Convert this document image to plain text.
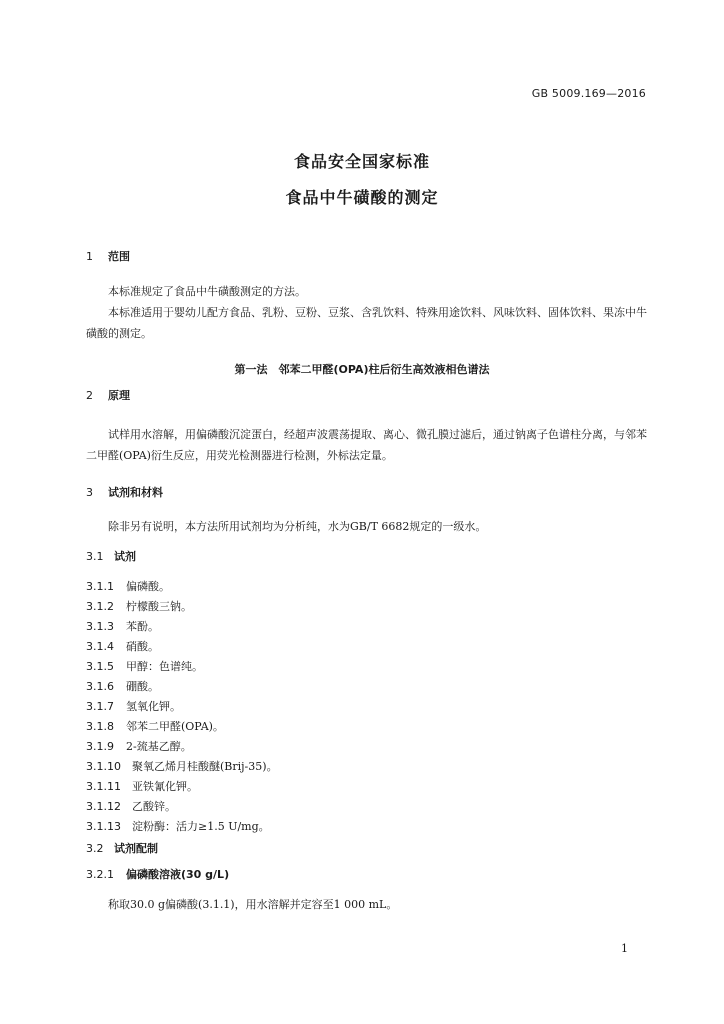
GB 5009.169—2016
食品安全国家标准
食品中牛磺酸的测定
1 范围
本标准规定了食品中牛磺酸测定的方法。
本标准适用于婴幼儿配方食品、乳粉、豆粉、豆浆、含乳饮料、特殊用途饮料、风味饮料、固体饮料、果冻中牛磺酸的测定。
第一法　邻苯二甲醛(OPA)柱后衍生高效液相色谱法
2 原理
试样用水溶解，用偏磷酸沉淀蛋白，经超声波震荡提取、离心、微孔膜过滤后，通过钠离子色谱柱分离，与邻苯二甲醛(OPA)衍生反应，用荧光检测器进行检测，外标法定量。
3 试剂和材料
除非另有说明，本方法所用试剂均为分析纯，水为GB/T 6682规定的一级水。
3.1 试剂
3.1.1 偏磷酸。
3.1.2 柠檬酸三钠。
3.1.3 苯酚。
3.1.4 硝酸。
3.1.5 甲醇：色谱纯。
3.1.6 硼酸。
3.1.7 氢氧化钾。
3.1.8 邻苯二甲醛(OPA)。
3.1.9 2-巯基乙醇。
3.1.10 聚氧乙烯月桂酸醚(Brij-35)。
3.1.11 亚铁氰化钾。
3.1.12 乙酸锌。
3.1.13 淀粉酶：活力≥1.5 U/mg。
3.2 试剂配制
3.2.1 偏磷酸溶液(30 g/L)
称取30.0 g偏磷酸(3.1.1)，用水溶解并定容至1 000 mL。
1
